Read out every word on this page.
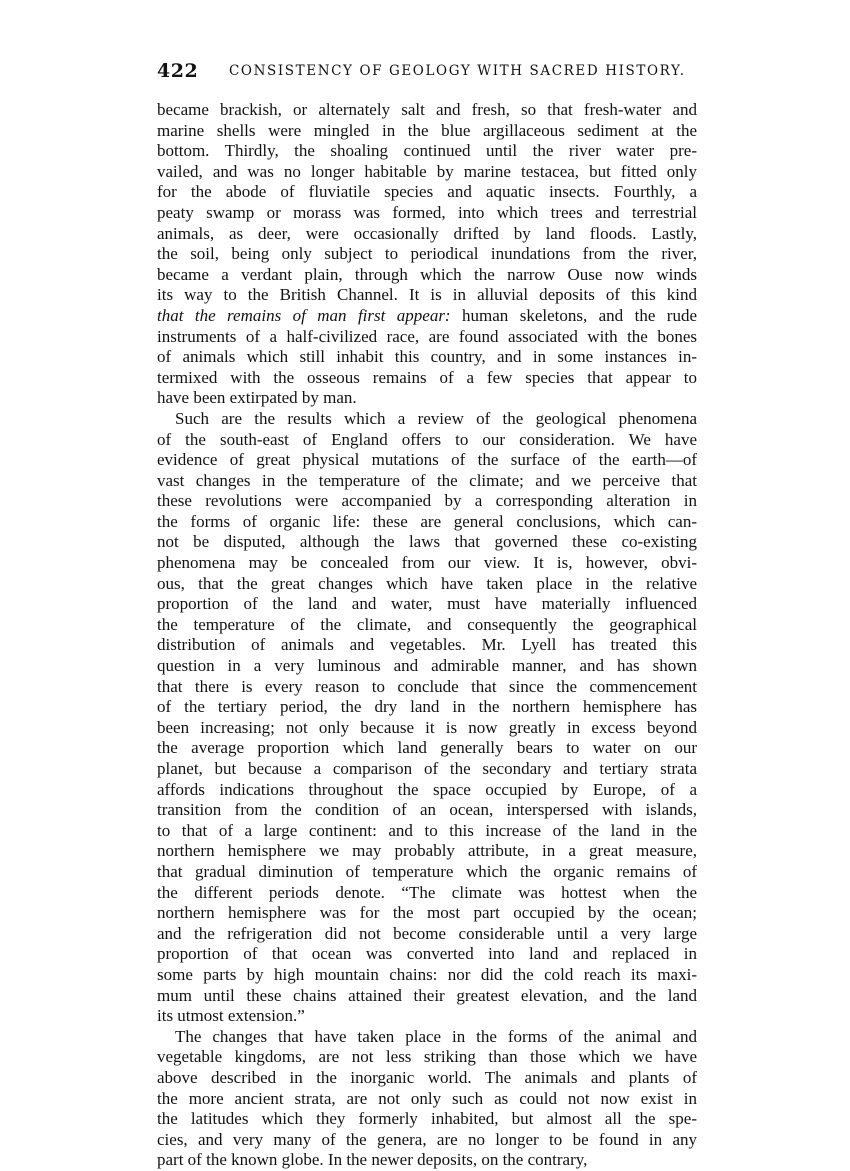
422 CONSISTENCY OF GEOLOGY WITH SACRED HISTORY.
became brackish, or alternately salt and fresh, so that fresh-water and
marine shells were mingled in the blue argillaceous sediment at the
bottom. Thirdly, the shoaling continued until the river water pre-
vailed, and was no longer habitable by marine testacea, but fitted only
for the abode of fluviatile species and aquatic insects. Fourthly, a
peaty swamp or morass was formed, into which trees and terrestrial
animals, as deer, were occasionally drifted by land floods. Lastly,
the soil, being only subject to periodical inundations from the river,
became a verdant plain, through which the narrow Ouse now winds
its way to the British Channel. It is in alluvial deposits of this kind
that the remains of man first appear: human skeletons, and the rude
instruments of a half-civilized race, are found associated with the bones
of animals which still inhabit this country, and in some instances in-
termixed with the osseous remains of a few species that appear to
have been extirpated by man.
Such are the results which a review of the geological phenomena
of the south-east of England offers to our consideration. We have
evidence of great physical mutations of the surface of the earth—of
vast changes in the temperature of the climate; and we perceive that
these revolutions were accompanied by a corresponding alteration in
the forms of organic life: these are general conclusions, which can-
not be disputed, although the laws that governed these co-existing
phenomena may be concealed from our view. It is, however, obvi-
ous, that the great changes which have taken place in the relative
proportion of the land and water, must have materially influenced
the temperature of the climate, and consequently the geographical
distribution of animals and vegetables. Mr. Lyell has treated this
question in a very luminous and admirable manner, and has shown
that there is every reason to conclude that since the commencement
of the tertiary period, the dry land in the northern hemisphere has
been increasing; not only because it is now greatly in excess beyond
the average proportion which land generally bears to water on our
planet, but because a comparison of the secondary and tertiary strata
affords indications throughout the space occupied by Europe, of a
transition from the condition of an ocean, interspersed with islands,
to that of a large continent: and to this increase of the land in the
northern hemisphere we may probably attribute, in a great measure,
that gradual diminution of temperature which the organic remains of
the different periods denote. “The climate was hottest when the
northern hemisphere was for the most part occupied by the ocean;
and the refrigeration did not become considerable until a very large
proportion of that ocean was converted into land and replaced in
some parts by high mountain chains: nor did the cold reach its maxi-
mum until these chains attained their greatest elevation, and the land
its utmost extension.”
The changes that have taken place in the forms of the animal and
vegetable kingdoms, are not less striking than those which we have
above described in the inorganic world. The animals and plants of
the more ancient strata, are not only such as could not now exist in
the latitudes which they formerly inhabited, but almost all the spe-
cies, and very many of the genera, are no longer to be found in any
part of the known globe. In the newer deposits, on the contrary,
